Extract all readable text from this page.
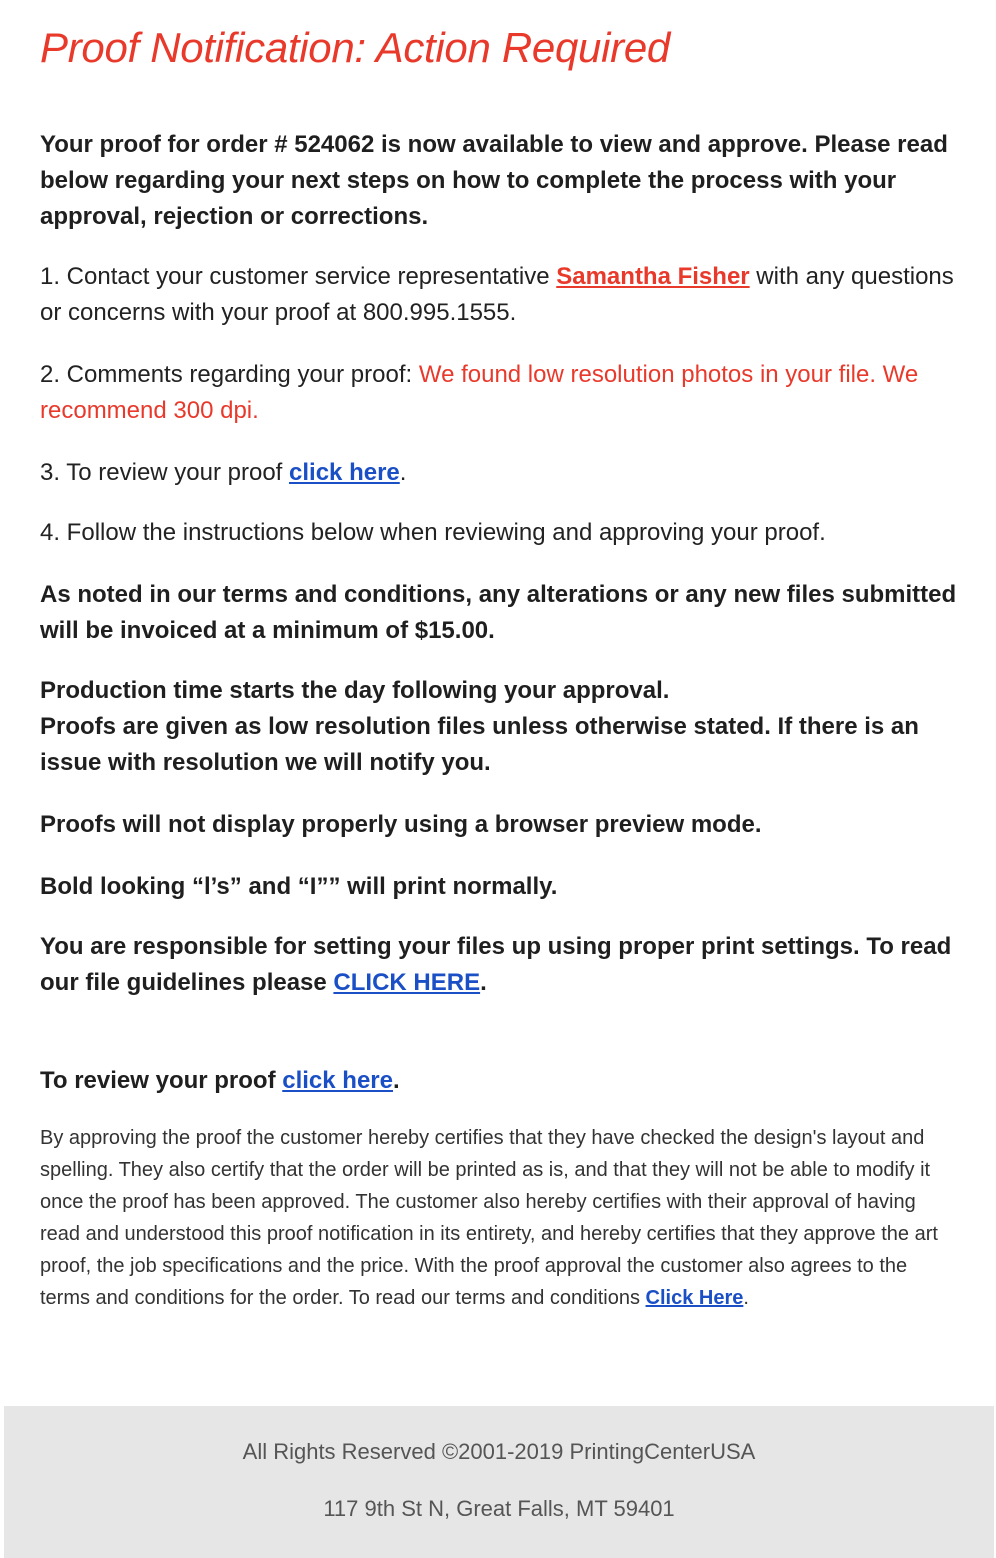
Proof Notification: Action Required
Your proof for order # 524062 is now available to view and approve. Please read below regarding your next steps on how to complete the process with your approval, rejection or corrections.
1. Contact your customer service representative Samantha Fisher with any questions or concerns with your proof at 800.995.1555.
2. Comments regarding your proof: We found low resolution photos in your file. We recommend 300 dpi.
3. To review your proof click here.
4. Follow the instructions below when reviewing and approving your proof.
As noted in our terms and conditions, any alterations or any new files submitted will be invoiced at a minimum of $15.00.
Production time starts the day following your approval.
Proofs are given as low resolution files unless otherwise stated. If there is an issue with resolution we will notify you.
Proofs will not display properly using a browser preview mode.
Bold looking “l’s” and “I”” will print normally.
You are responsible for setting your files up using proper print settings. To read our file guidelines please CLICK HERE.
To review your proof click here.
By approving the proof the customer hereby certifies that they have checked the design's layout and spelling. They also certify that the order will be printed as is, and that they will not be able to modify it once the proof has been approved. The customer also hereby certifies with their approval of having read and understood this proof notification in its entirety, and hereby certifies that they approve the art proof, the job specifications and the price. With the proof approval the customer also agrees to the terms and conditions for the order. To read our terms and conditions Click Here.
All Rights Reserved ©2001-2019 PrintingCenterUSA
117 9th St N, Great Falls, MT 59401
